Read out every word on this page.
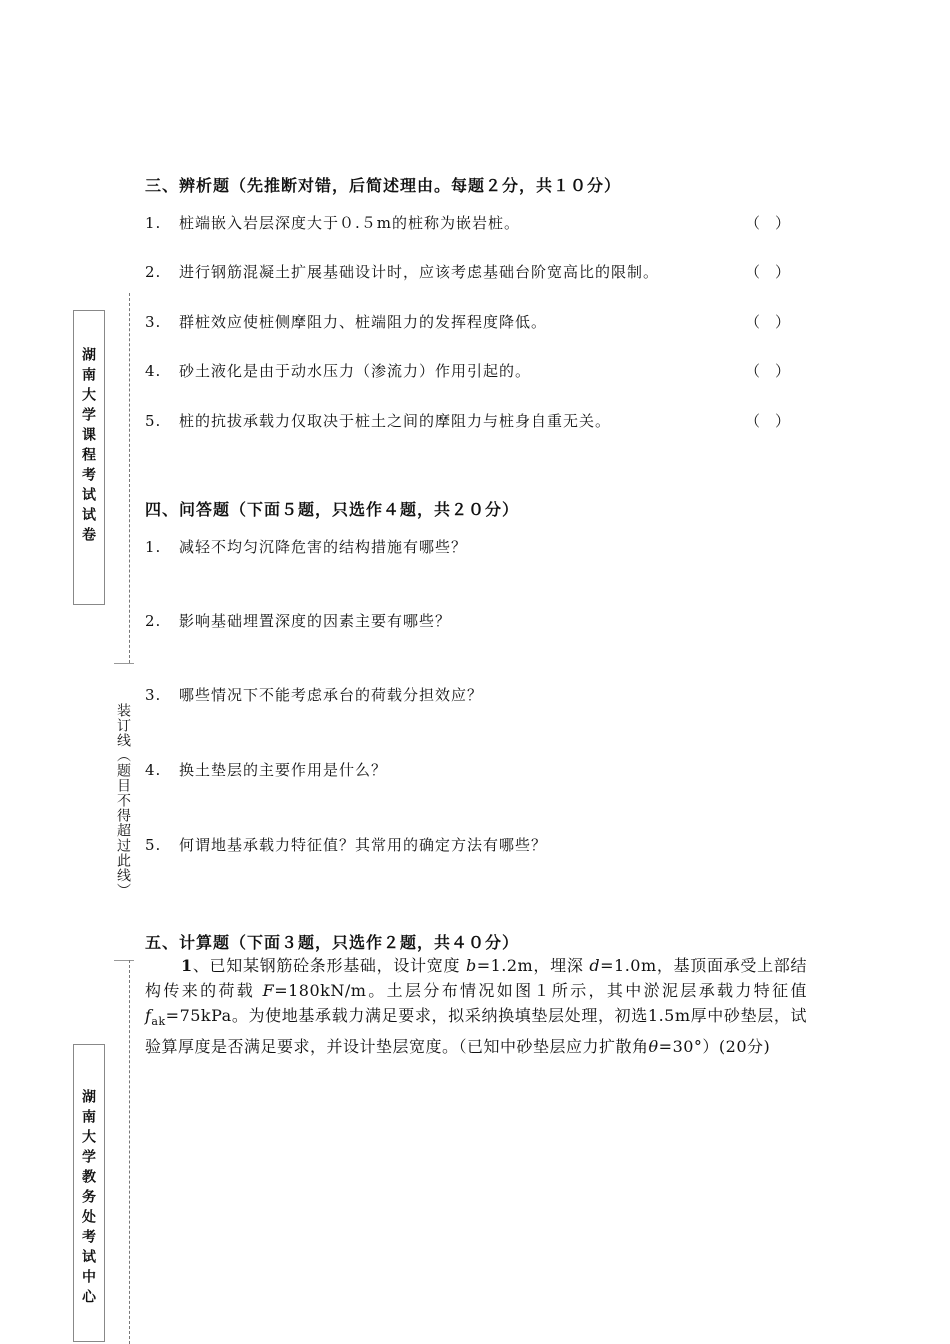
湖南大学课程考试试卷
装订线（题目不得超过此线）
湖南大学教务处考试中心
三、辨析题（先推断对错，后简述理由。每题２分，共１０分）
1. 桩端嵌入岩层深度大于０.５m的桩称为嵌岩桩。	（　）
2. 进行钢筋混凝土扩展基础设计时，应该考虑基础台阶宽高比的限制。	（　）
3. 群桩效应使桩侧摩阻力、桩端阻力的发挥程度降低。	（　）
4. 砂土液化是由于动水压力（渗流力）作用引起的。	（　）
5. 桩的抗拔承载力仅取决于桩土之间的摩阻力与桩身自重无关。	（　）
四、问答题（下面５题，只选作４题，共２０分）
1. 减轻不均匀沉降危害的结构措施有哪些？
2. 影响基础埋置深度的因素主要有哪些？
3. 哪些情况下不能考虑承台的荷载分担效应？
4. 换土垫层的主要作用是什么？
5. 何谓地基承载力特征值？其常用的确定方法有哪些？
五、计算题（下面３题，只选作２题，共４０分）
1、已知某钢筋砼条形基础，设计宽度 b=1.2m，埋深 d=1.0m，基顶面承受上部结构传来的荷载 F=180kN/m。土层分布情况如图１所示，其中淤泥层承载力特征值 $f_{ak}=75kPa$。为使地基承载力满足要求，拟采纳换填垫层处理，初选1.5m厚中砂垫层，试验算厚度是否满足要求，并设计垫层宽度。（已知中砂垫层应力扩散角θ=30°）(20分)
